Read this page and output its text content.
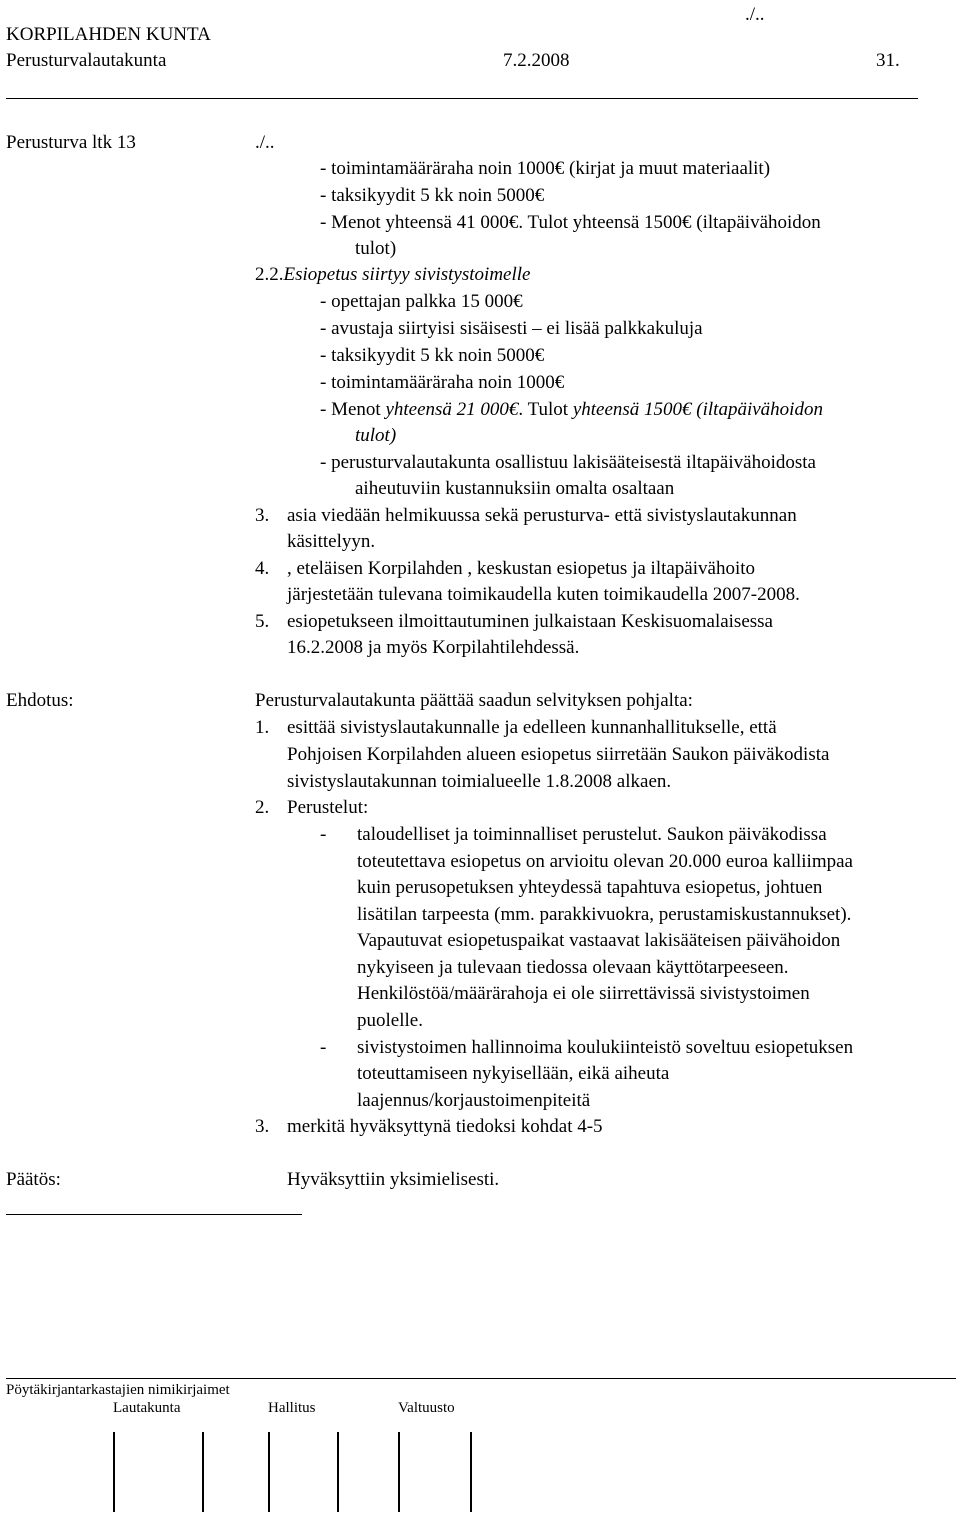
KORPILAHDEN KUNTA
./..
Perusturvalautakunta	7.2.2008	31.
Perusturva ltk 13	./..
- toimintamääräraha noin 1000€ (kirjat ja muut materiaalit)
- taksikyydit 5 kk noin 5000€
- Menot yhteensä 41 000€. Tulot yhteensä 1500€ (iltapäivähoidon
tulot)
2.2.Esiopetus siirtyy sivistystoimelle
- opettajan palkka 15 000€
- avustaja siirtyisi sisäisesti – ei lisää palkkakuluja
- taksikyydit 5 kk noin 5000€
- toimintamääräraha noin 1000€
- Menot yhteensä 21 000€. Tulot yhteensä 1500€ (iltapäivähoidon
tulot)
- perusturvalautakunta osallistuu lakisääteisestä iltapäivähoidosta
aiheutuviin kustannuksiin omalta osaltaan
3. asia viedään helmikuussa sekä perusturva- että sivistyslautakunnan
käsittelyyn.
4. , eteläisen Korpilahden , keskustan esiopetus ja iltapäivähoito
järjestetään tulevana toimikaudella kuten toimikaudella 2007-2008.
5. esiopetukseen ilmoittautuminen julkaistaan Keskisuomalaisessa
16.2.2008 ja myös Korpilahtilehdessä.
Ehdotus:	Perusturvalautakunta päättää saadun selvityksen pohjalta:
1. esittää sivistyslautakunnalle ja edelleen kunnanhallitukselle, että
Pohjoisen Korpilahden alueen esiopetus siirretään Saukon päiväkodista
sivistyslautakunnan toimialueelle 1.8.2008 alkaen.
2. Perustelut:
- taloudelliset ja toiminnalliset perustelut. Saukon päiväkodissa
toteutettava esiopetus on arvioitu olevan 20.000 euroa kalliimpaa
kuin perusopetuksen yhteydessä tapahtuva esiopetus, johtuen
lisätilan tarpeesta (mm. parakkivuokra, perustamiskustannukset).
Vapautuvat esiopetuspaikat vastaavat lakisääteisen päivähoidon
nykyiseen ja tulevaan tiedossa olevaan käyttötarpeeseen.
Henkilöstöä/määrärahoja ei ole siirrettävissä sivistystoimen
puolelle.
- sivistystoimen hallinnoima koulukiinteistö soveltuu esiopetuksen
toteuttamiseen nykyisellään, eikä aiheuta
laajennus/korjaustoimenpiteitä
3. merkitä hyväksyttynä tiedoksi kohdat 4-5
Päätös:	Hyväksyttiin yksimielisesti.
Pöytäkirjantarkastajien nimikirjaimet
Lautakunta	Hallitus	Valtuusto
